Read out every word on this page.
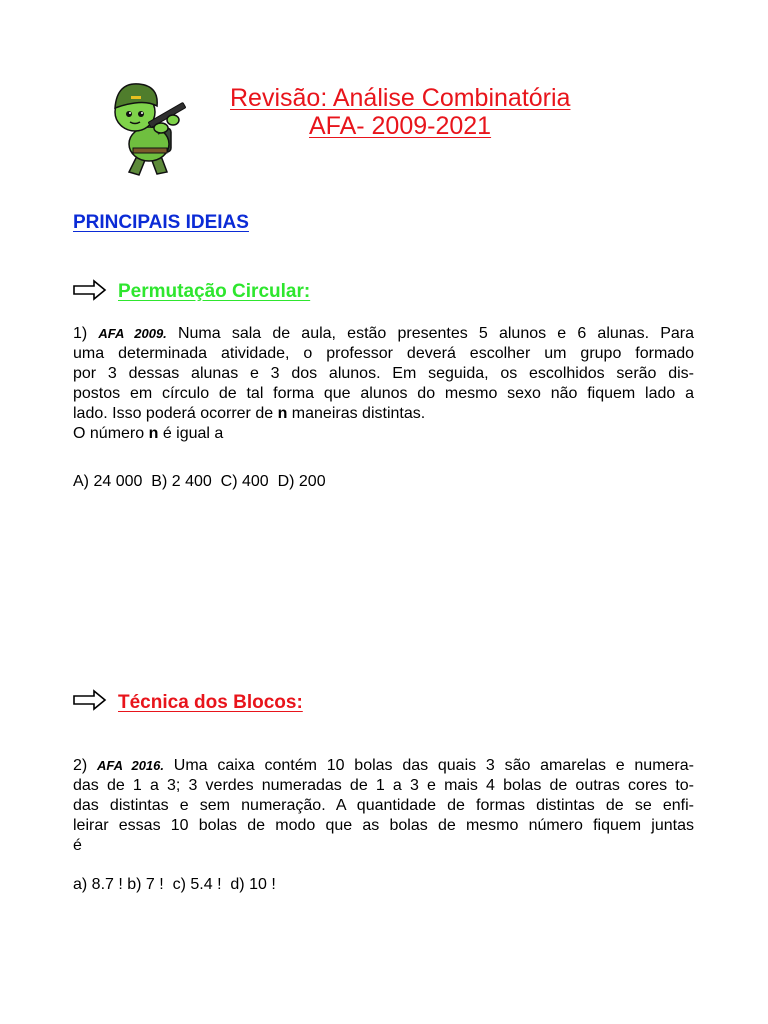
Revisão: Análise Combinatória
AFA- 2009-2021
PRINCIPAIS IDEIAS
Permutação Circular:

1) AFA 2009. Numa sala de aula, estão presentes 5 alunos e 6 alunas. Para

uma determinada atividade, o professor deverá escolher um grupo formado

por 3 dessas alunas e 3 dos alunos. Em seguida, os escolhidos serão dis-

postos em círculo de tal forma que alunos do mesmo sexo não fiquem lado a

lado. Isso poderá ocorrer de n maneiras distintas.

O número n é igual a

A) 24 000  B) 2 400  C) 400  D) 200
Técnica dos Blocos:

2) AFA 2016. Uma caixa contém 10 bolas das quais 3 são amarelas e numera-

das de 1 a 3; 3 verdes numeradas de 1 a 3 e mais 4 bolas de outras cores to-

das distintas e sem numeração. A quantidade de formas distintas de se enfi-

leirar essas 10 bolas de modo que as bolas de mesmo número fiquem juntas

é

a) 8.7 ! b) 7 !  c) 5.4 !  d) 10 !
